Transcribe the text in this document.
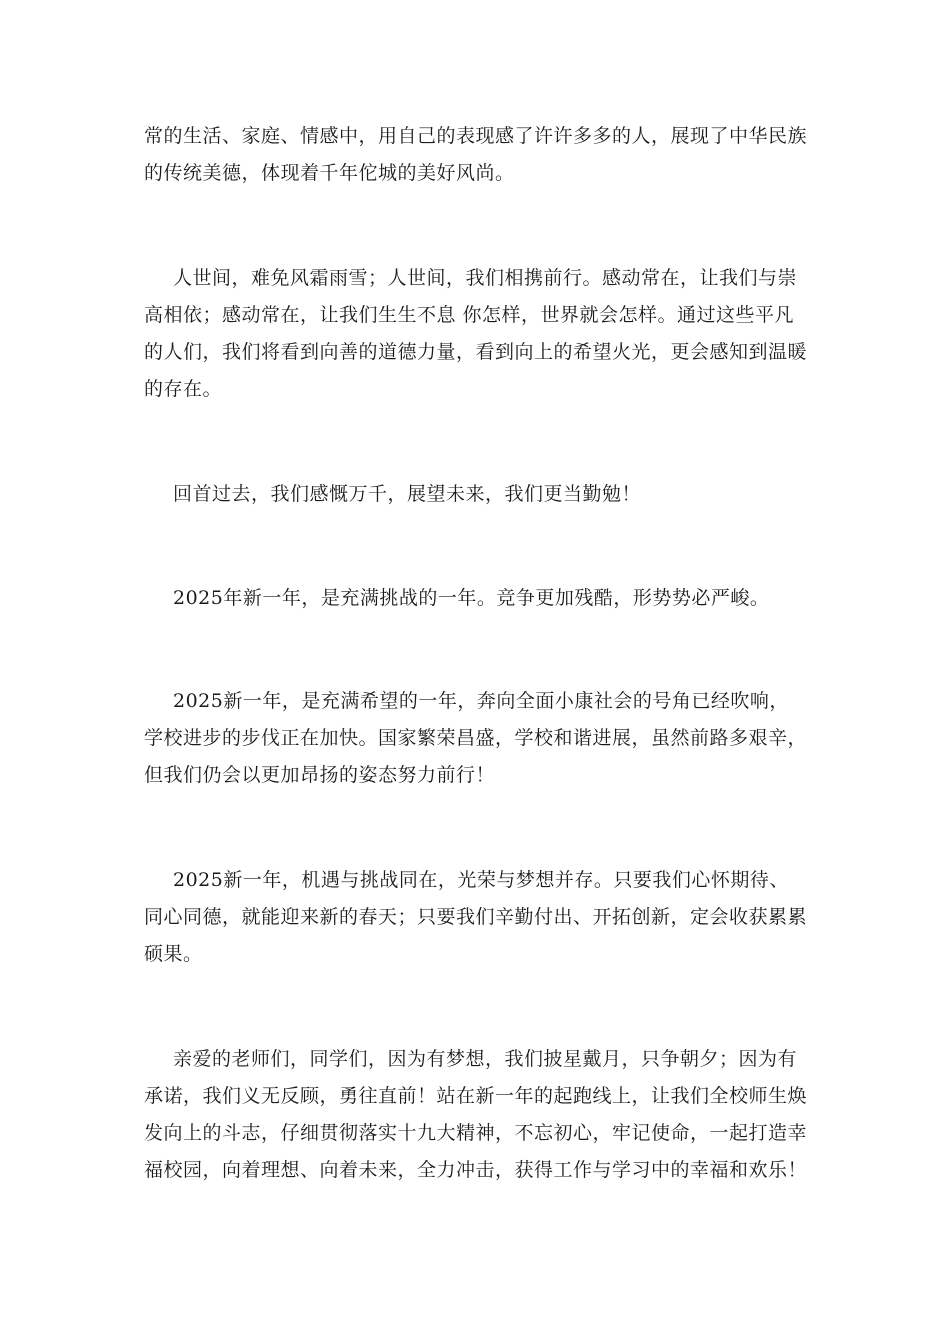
常的生活、家庭、情感中，用自己的表现感了许许多多的人，展现了中华民族的传统美德，体现着千年佗城的美好风尚。

人世间，难免风霜雨雪；人世间，我们相携前行。感动常在，让我们与崇高相依；感动常在，让我们生生不息 你怎样，世界就会怎样。通过这些平凡的人们，我们将看到向善的道德力量，看到向上的希望火光，更会感知到温暖的存在。

回首过去，我们感慨万千，展望未来，我们更当勤勉！

2025年新一年，是充满挑战的一年。竞争更加残酷，形势势必严峻。

2025新一年，是充满希望的一年，奔向全面小康社会的号角已经吹响，学校进步的步伐正在加快。国家繁荣昌盛，学校和谐进展，虽然前路多艰辛，但我们仍会以更加昂扬的姿态努力前行！

2025新一年，机遇与挑战同在，光荣与梦想并存。只要我们心怀期待、同心同德，就能迎来新的春天；只要我们辛勤付出、开拓创新，定会收获累累硕果。

亲爱的老师们，同学们，因为有梦想，我们披星戴月，只争朝夕；因为有承诺，我们义无反顾，勇往直前！站在新一年的起跑线上，让我们全校师生焕发向上的斗志，仔细贯彻落实十九大精神，不忘初心，牢记使命，一起打造幸福校园，向着理想、向着未来，全力冲击，获得工作与学习中的幸福和欢乐！
